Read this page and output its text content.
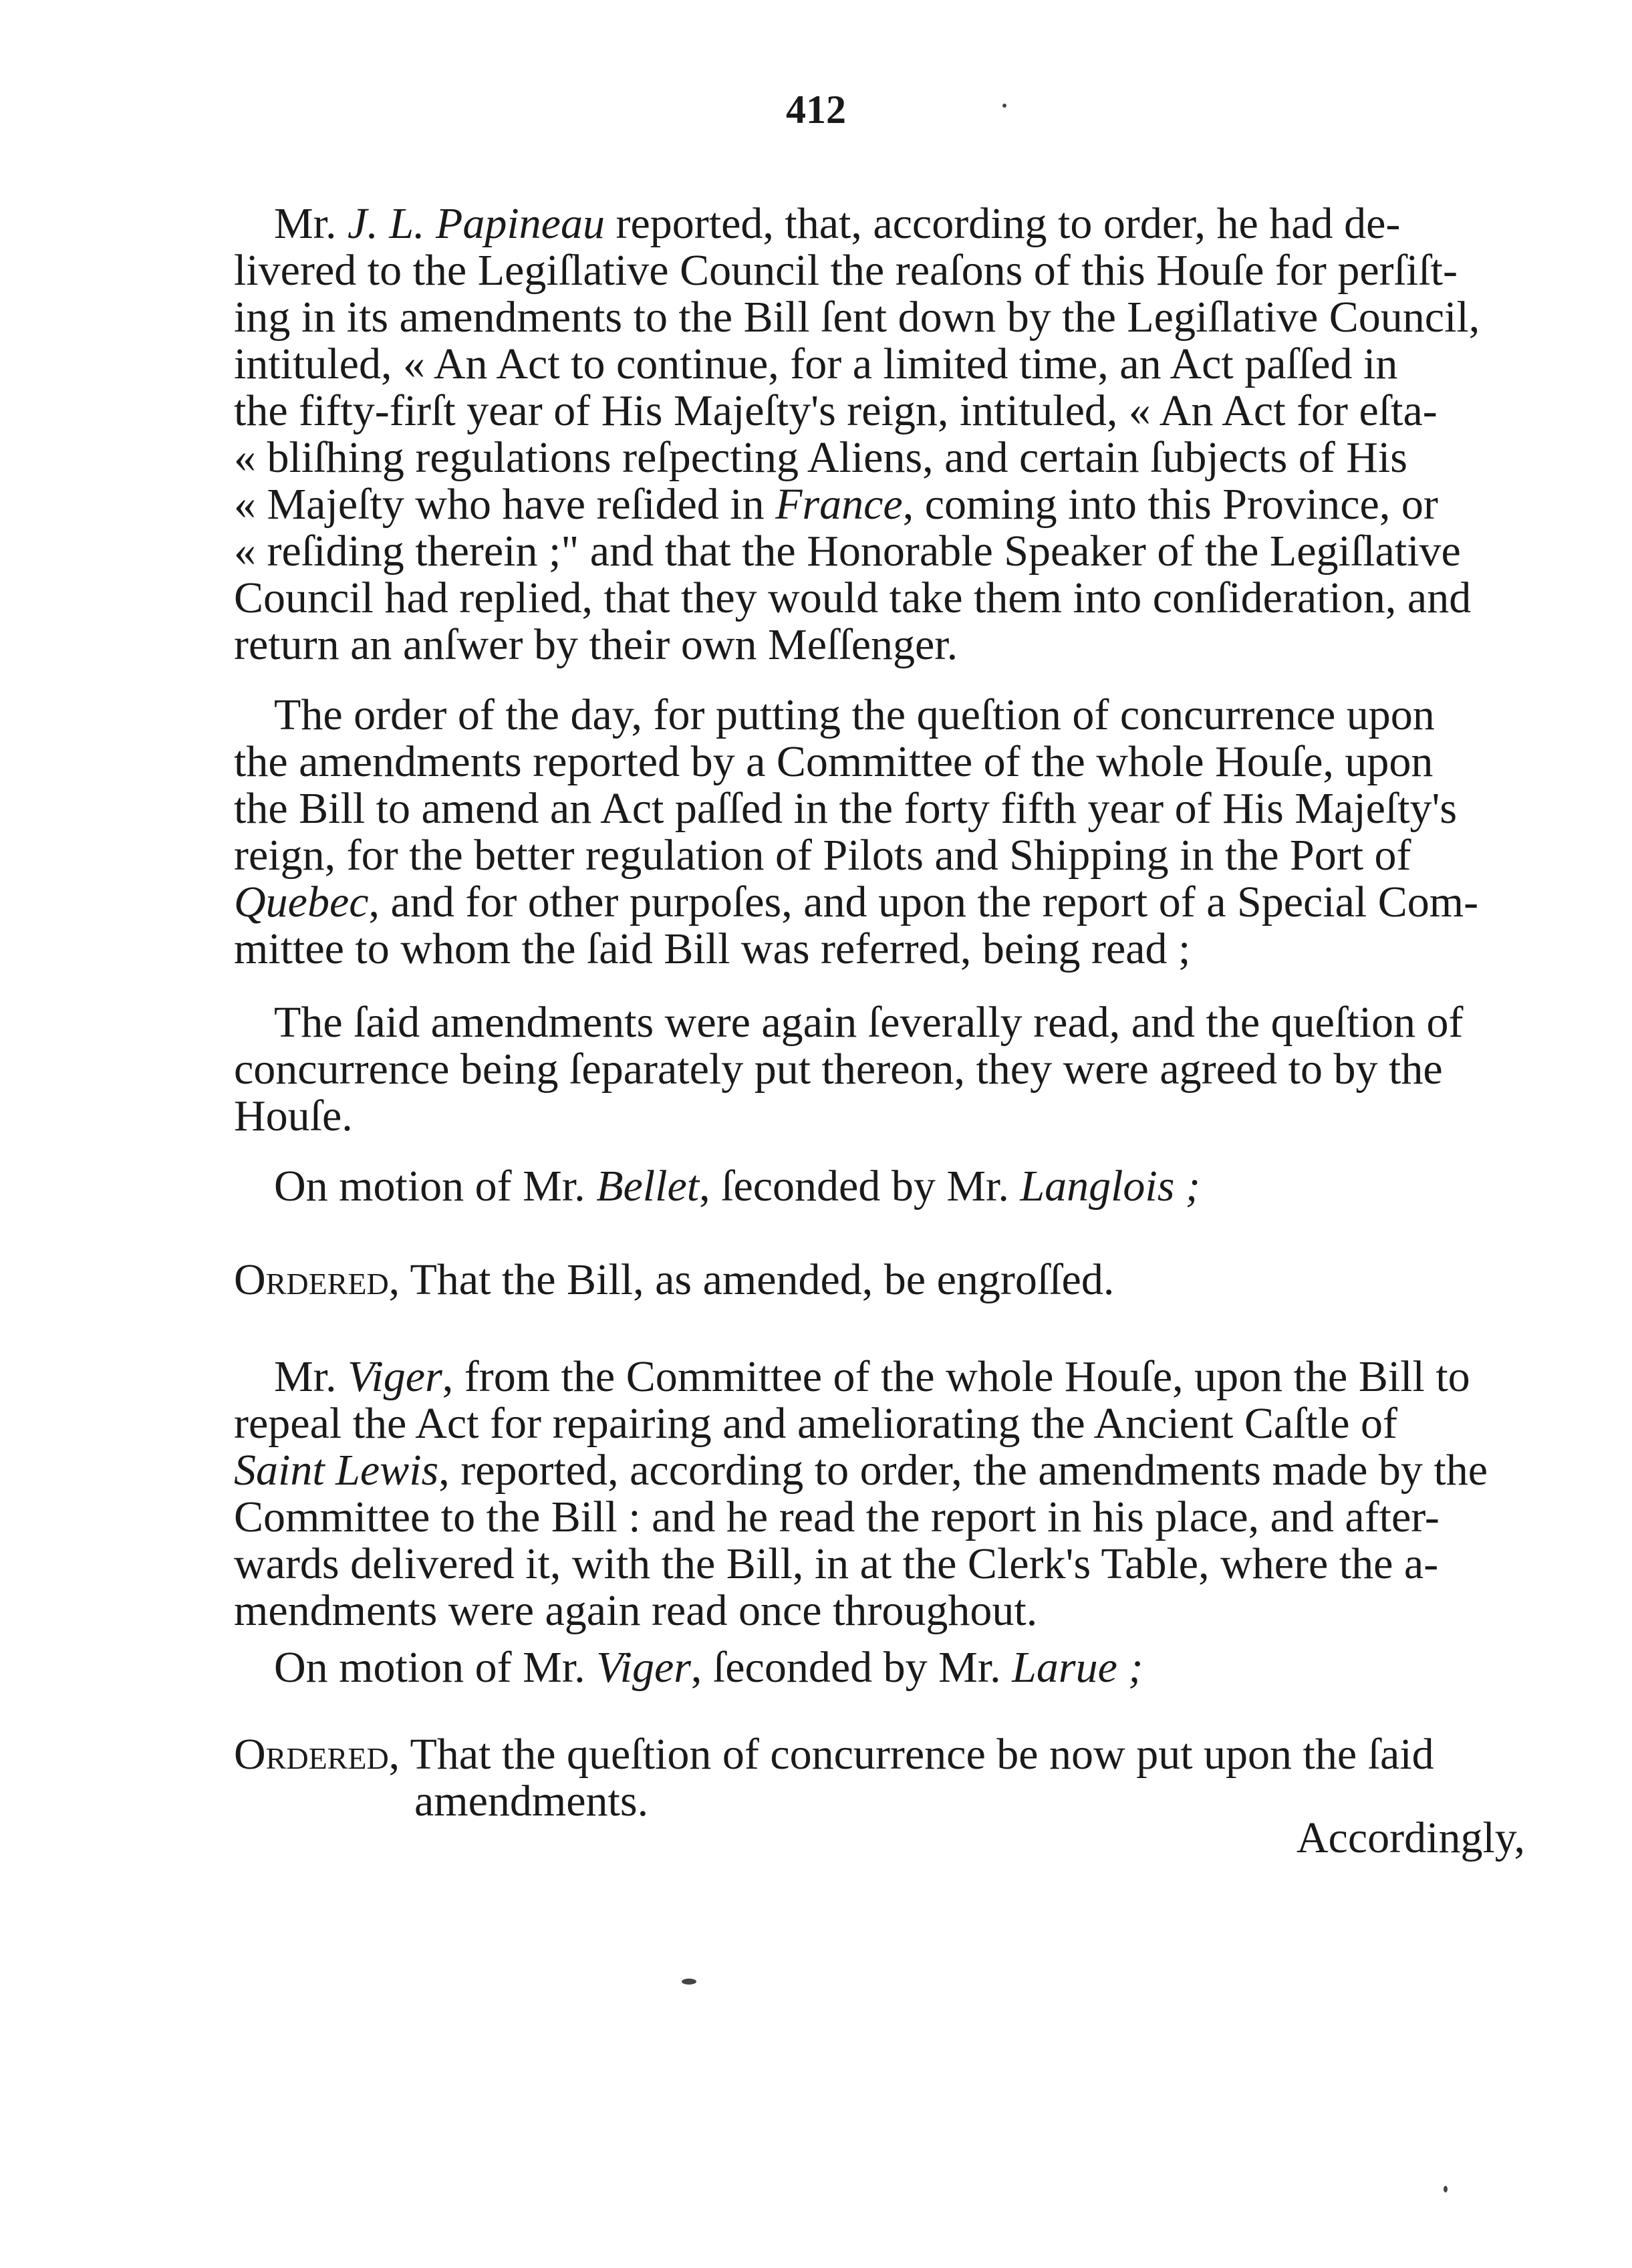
412
Mr. J. L. Papineau reported, that, according to order, he had de-
livered to the Legiſlative Council the reaſons of this Houſe for perſiſt-
ing in its amendments to the Bill ſent down by the Legiſlative Council,
intituled, « An Act to continue, for a limited time, an Act paſſed in
the fifty-firſt year of His Majeſty's reign, intituled, « An Act for eſta-
« bliſhing regulations reſpecting Aliens, and certain ſubjects of His
« Majeſty who have reſided in France, coming into this Province, or
« reſiding therein ;" and that the Honorable Speaker of the Legiſlative
Council had replied, that they would take them into conſideration, and
return an anſwer by their own Meſſenger.
The order of the day, for putting the queſtion of concurrence upon
the amendments reported by a Committee of the whole Houſe, upon
the Bill to amend an Act paſſed in the forty fifth year of His Majeſty's
reign, for the better regulation of Pilots and Shipping in the Port of
Quebec, and for other purpoſes, and upon the report of a Special Com-
mittee to whom the ſaid Bill was referred, being read ;
The ſaid amendments were again ſeverally read, and the queſtion of
concurrence being ſeparately put thereon, they were agreed to by the
Houſe.
On motion of Mr. Bellet, ſeconded by Mr. Langlois ;
Ordered, That the Bill, as amended, be engroſſed.
Mr. Viger, from the Committee of the whole Houſe, upon the Bill to
repeal the Act for repairing and ameliorating the Ancient Caſtle of
Saint Lewis, reported, according to order, the amendments made by the
Committee to the Bill : and he read the report in his place, and after-
wards delivered it, with the Bill, in at the Clerk's Table, where the a-
mendments were again read once throughout.
On motion of Mr. Viger, ſeconded by Mr. Larue ;
Ordered, That the queſtion of concurrence be now put upon the ſaid
amendments.
Accordingly,
